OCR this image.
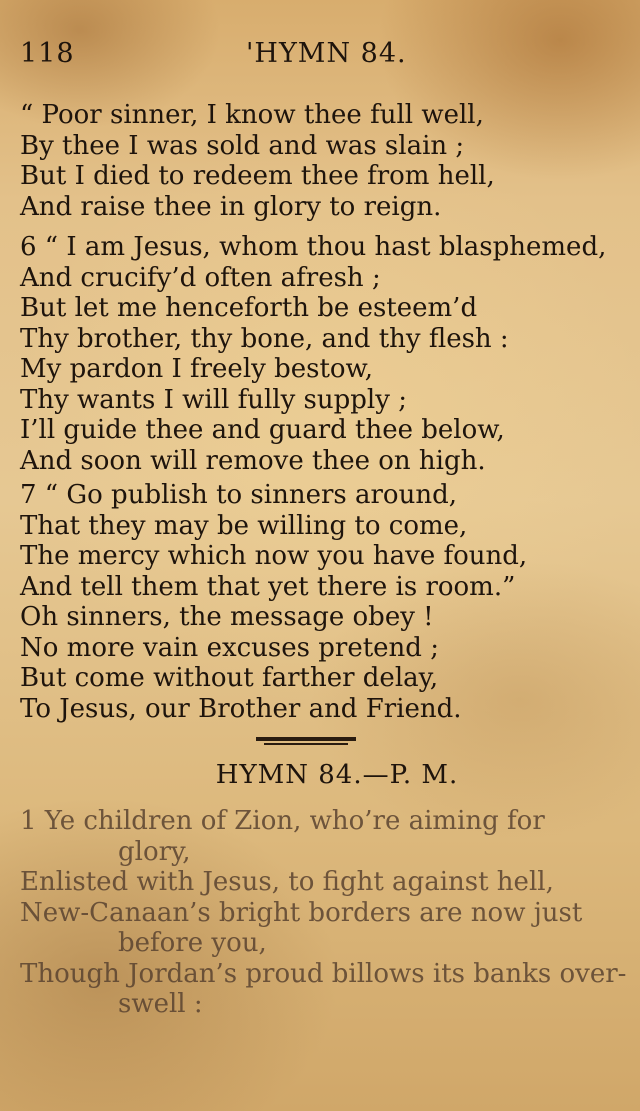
118	'HYMN 84.
“ Poor sinner, I know thee full well,
By thee I was sold and was slain ;
But I died to redeem thee from hell,
And raise thee in glory to reign.
6 “ I am Jesus, whom thou hast blasphemed,
And crucify’d often afresh ;
But let me henceforth be esteem’d
Thy brother, thy bone, and thy flesh :
My pardon I freely bestow,
Thy wants I will fully supply ;
I’ll guide thee and guard thee below,
And soon will remove thee on high.
7 “ Go publish to sinners around,
That they may be willing to come,
The mercy which now you have found,
And tell them that yet there is room.”
Oh sinners, the message obey !
No more vain excuses pretend ;
But come without farther delay,
To Jesus, our Brother and Friend.
HYMN 84.—P. M.
1 Ye children of Zion, who’re aiming for
glory,
Enlisted with Jesus, to fight against hell,
New-Canaan’s bright borders are now just
before you,
Though Jordan’s proud billows its banks over-
swell :
